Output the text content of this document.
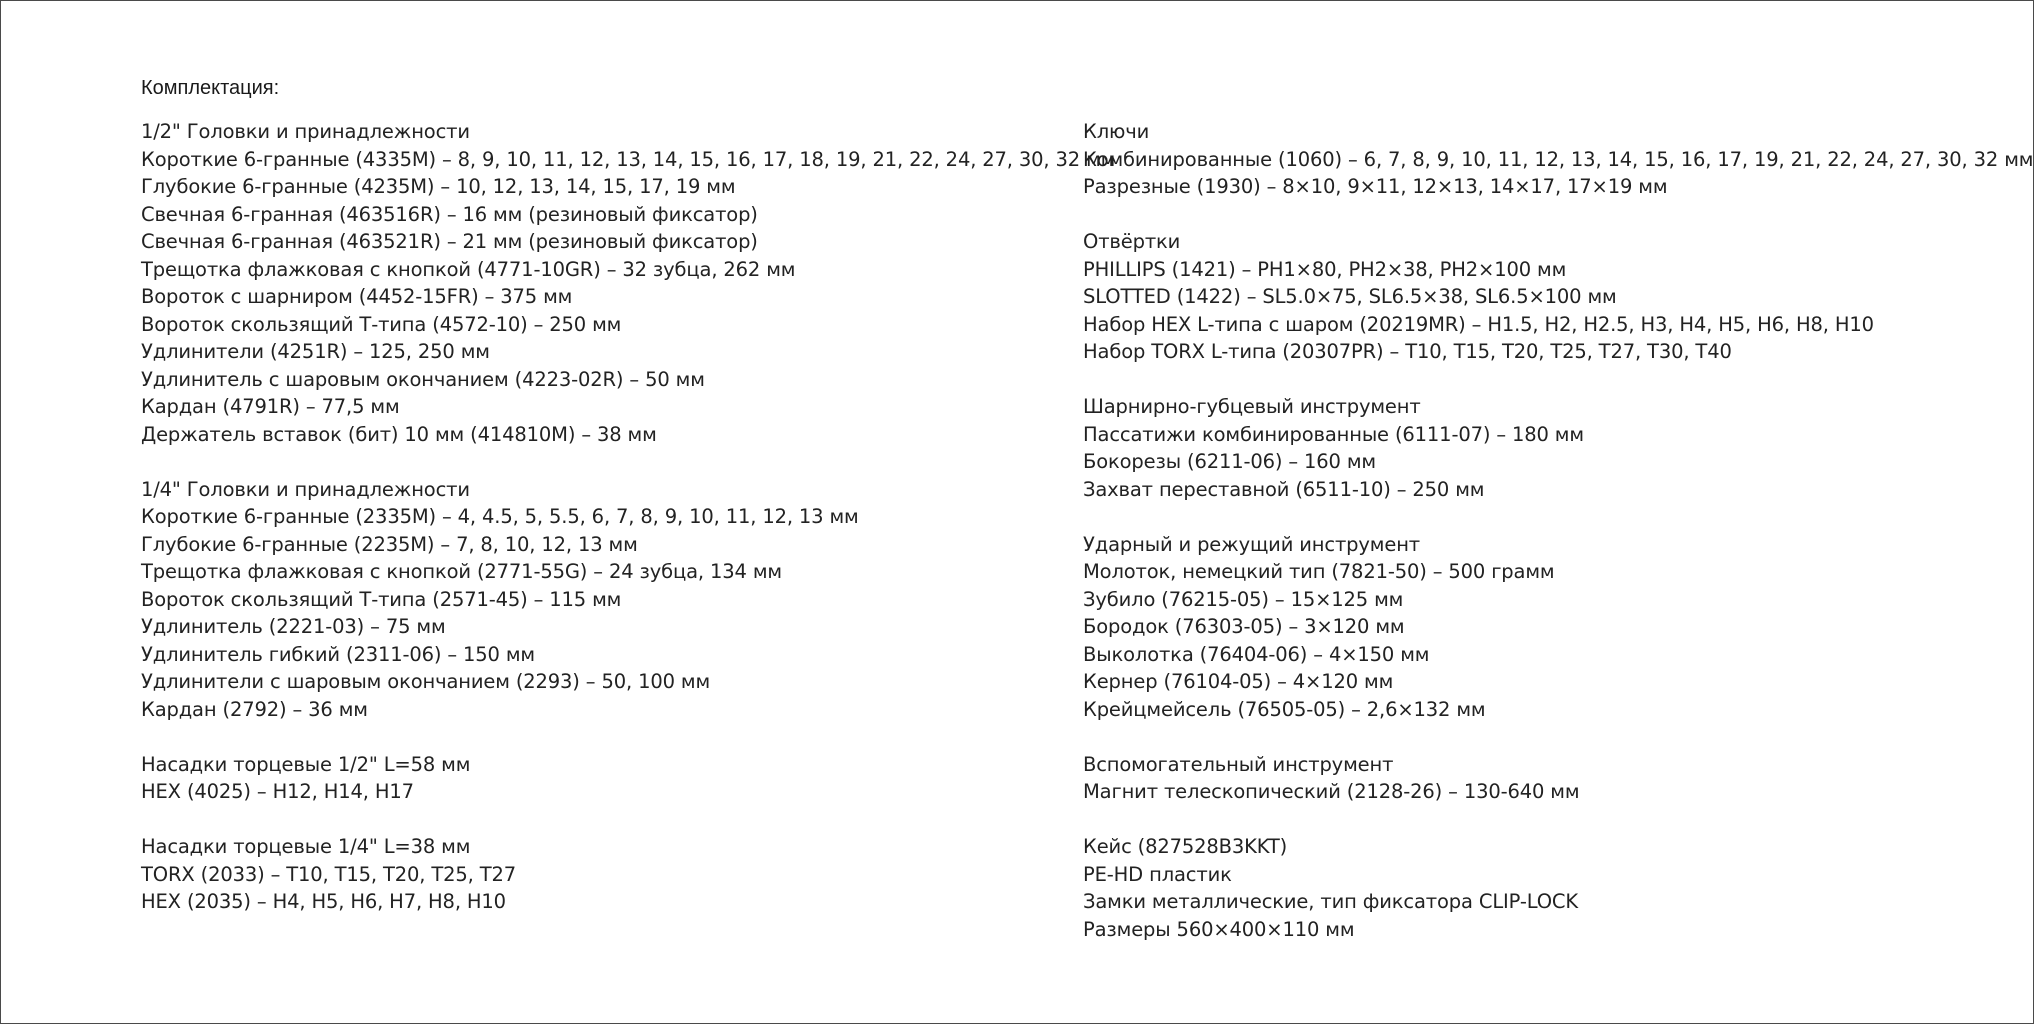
Комплектация:
1/2" Головки и принадлежности
Короткие 6-гранные (4335M) – 8, 9, 10, 11, 12, 13, 14, 15, 16, 17, 18, 19, 21, 22, 24, 27, 30, 32 мм
Глубокие 6-гранные (4235M) – 10, 12, 13, 14, 15, 17, 19 мм
Свечная 6-гранная (463516R) – 16 мм (резиновый фиксатор)
Свечная 6-гранная (463521R) – 21 мм (резиновый фиксатор)
Трещотка флажковая с кнопкой (4771-10GR) – 32 зубца, 262 мм
Вороток с шарниром (4452-15FR) – 375 мм
Вороток скользящий Т-типа (4572-10) – 250 мм
Удлинители (4251R) – 125, 250 мм
Удлинитель с шаровым окончанием (4223-02R) – 50 мм
Кардан (4791R) – 77,5 мм
Держатель вставок (бит) 10 мм (414810M) – 38 мм
1/4" Головки и принадлежности
Короткие 6-гранные (2335M) – 4, 4.5, 5, 5.5, 6, 7, 8, 9, 10, 11, 12, 13 мм
Глубокие 6-гранные (2235M) – 7, 8, 10, 12, 13 мм
Трещотка флажковая с кнопкой (2771-55G) – 24 зубца, 134 мм
Вороток скользящий Т-типа (2571-45) – 115 мм
Удлинитель (2221-03) – 75 мм
Удлинитель гибкий (2311-06) – 150 мм
Удлинители с шаровым окончанием (2293) – 50, 100 мм
Кардан (2792) – 36 мм
Насадки торцевые 1/2" L=58 мм
HEX (4025) – H12, H14, H17
Насадки торцевые 1/4" L=38 мм
TORX (2033) – T10, T15, T20, T25, T27
HEX (2035) – H4, H5, H6, H7, H8, H10
Ключи
Комбинированные (1060) – 6, 7, 8, 9, 10, 11, 12, 13, 14, 15, 16, 17, 19, 21, 22, 24, 27, 30, 32 мм
Разрезные (1930) – 8×10, 9×11, 12×13, 14×17, 17×19 мм
Отвёртки
PHILLIPS (1421) – PH1×80, PH2×38, PH2×100 мм
SLOTTED (1422) – SL5.0×75, SL6.5×38, SL6.5×100 мм
Набор HEX L-типа с шаром (20219MR) – H1.5, H2, H2.5, H3, H4, H5, H6, H8, H10
Набор TORX L-типа (20307PR) – T10, T15, T20, T25, T27, T30, T40
Шарнирно-губцевый инструмент
Пассатижи комбинированные (6111-07) – 180 мм
Бокорезы (6211-06) – 160 мм
Захват переставной (6511-10) – 250 мм
Ударный и режущий инструмент
Молоток, немецкий тип (7821-50) – 500 грамм
Зубило (76215-05) – 15×125 мм
Бородок (76303-05) – 3×120 мм
Выколотка (76404-06) – 4×150 мм
Кернер (76104-05) – 4×120 мм
Крейцмейсель (76505-05) – 2,6×132 мм
Вспомогательный инструмент
Магнит телескопический (2128-26) – 130-640 мм
Кейс (827528B3KKT)
PE-HD пластик
Замки металлические, тип фиксатора CLIP-LOCK
Размеры 560×400×110 мм
